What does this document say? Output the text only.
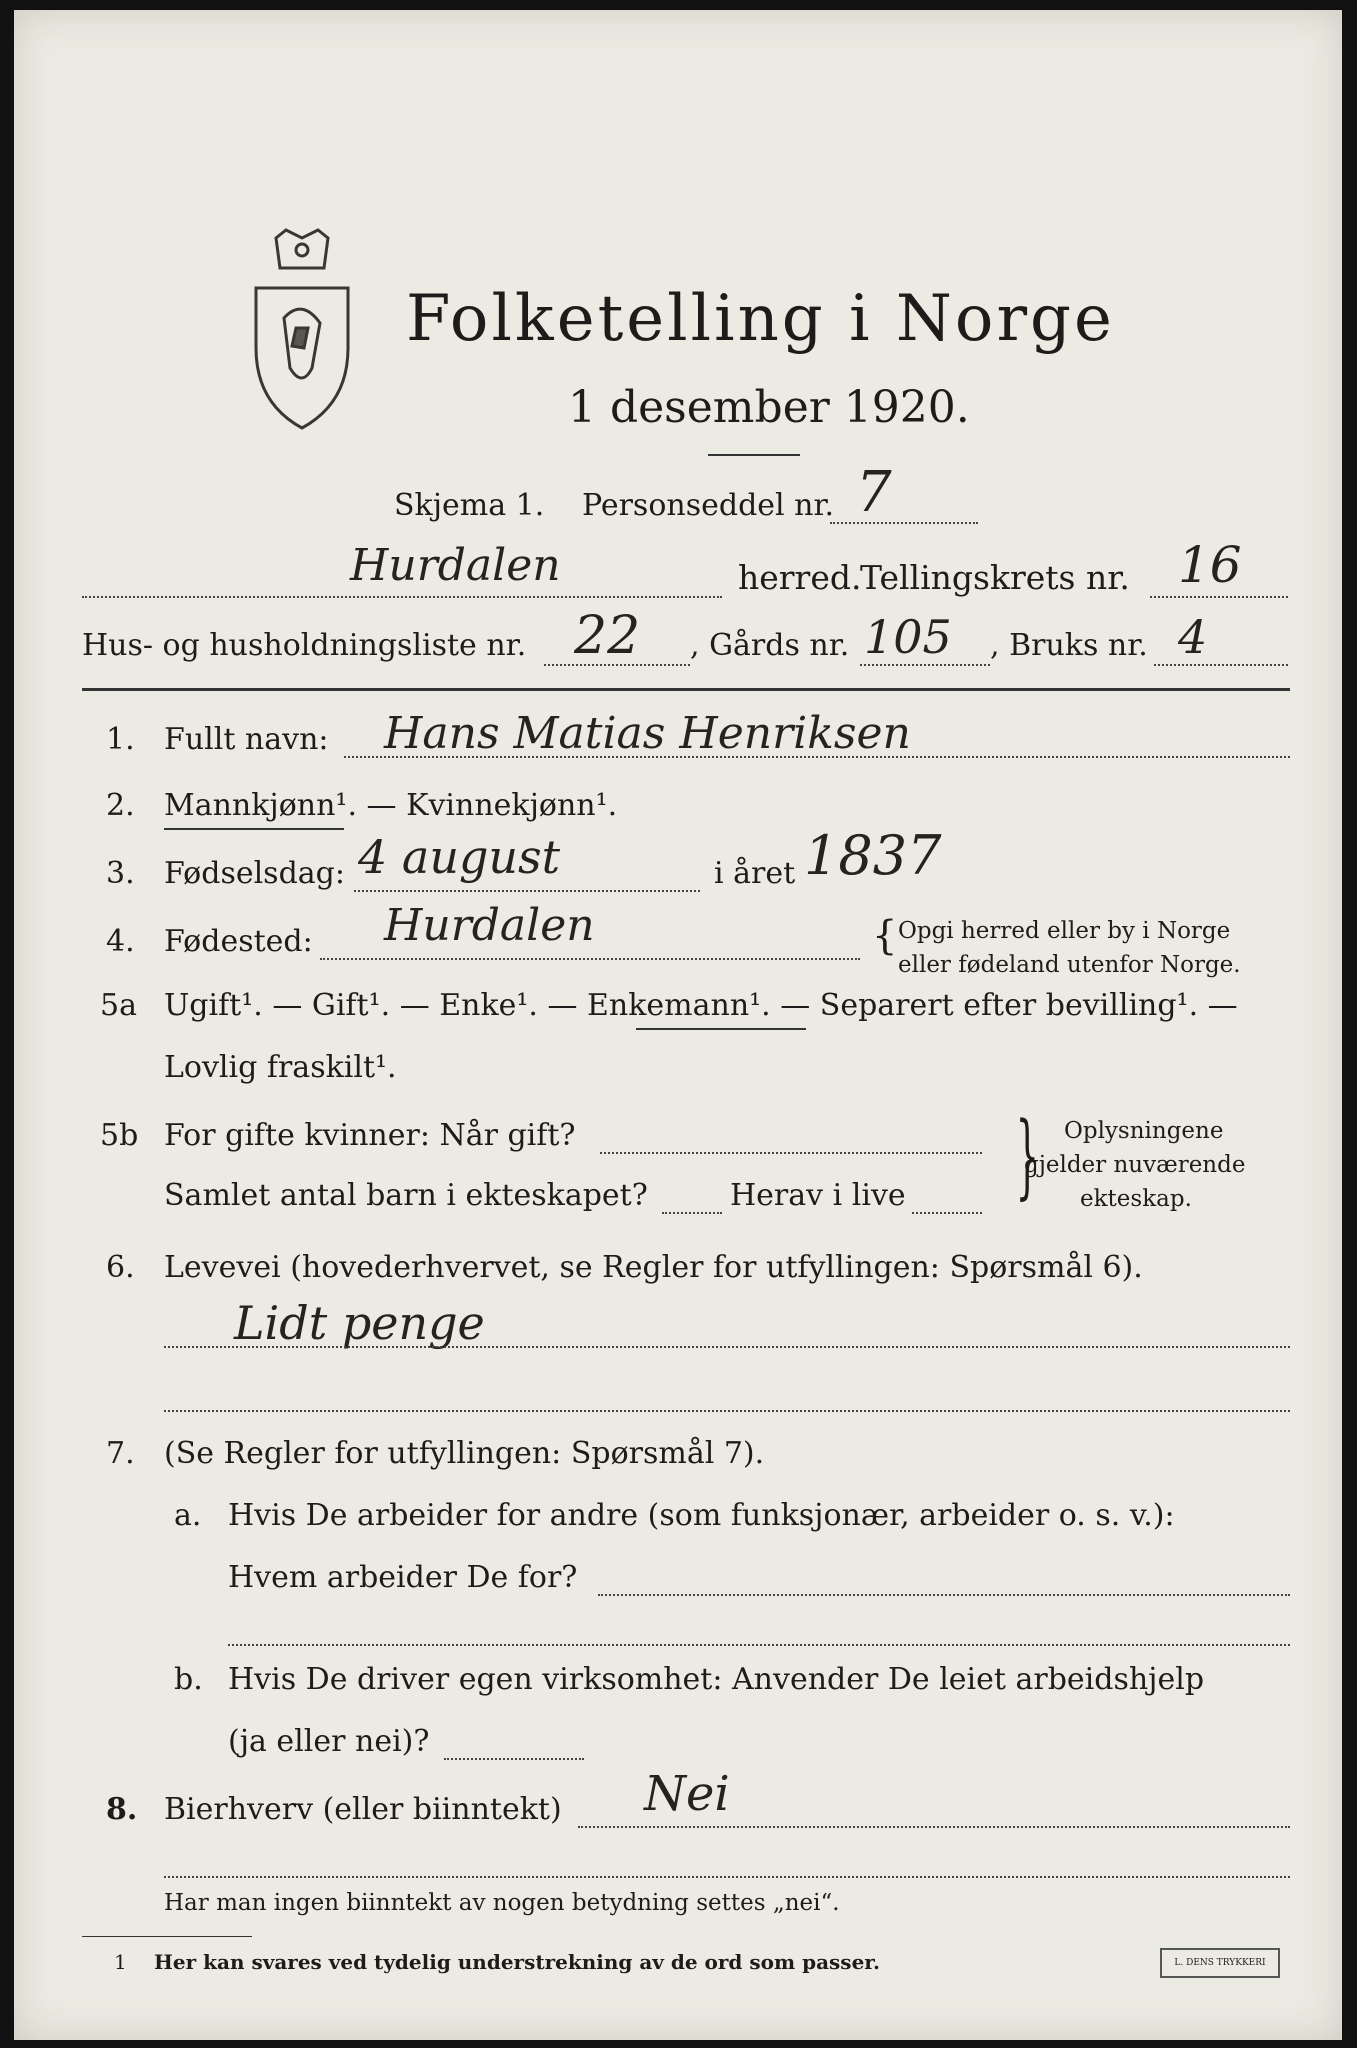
Folketelling i Norge
1 desember 1920.
Skjema 1. Personseddel nr. 7
Hurdalen	herred.
Tellingskrets nr. 16
Hus- og husholdningsliste nr. 22 , Gårds nr. 105 , Bruks nr. 4
1. Fullt navn: Hans Matias Henriksen
2. Mannkjønn¹. — Kvinnekjønn¹.
3. Fødselsdag: 4 august	i året 1837
4. Fødested: Hurdalen	{ Opgi herred eller by i Norge
eller fødeland utenfor Norge.
5a Ugift¹. — Gift¹. — Enke¹. — Enkemann¹. — Separert efter bevilling¹. —
Lovlig fraskilt¹.
5b For gifte kvinner: Når gift?
Samlet antal barn i ekteskapet?	Herav i live } Oplysningene
gjelder nuværende
ekteskap.
6. Levevei (hovederhvervet, se Regler for utfyllingen: Spørsmål 6).
Lidt penge
7. (Se Regler for utfyllingen: Spørsmål 7).
a. Hvis De arbeider for andre (som funksjonær, arbeider o. s. v.):
Hvem arbeider De for?
b. Hvis De driver egen virksomhet: Anvender De leiet arbeidshjelp
(ja eller nei)?
8. Bierhverv (eller biinntekt) Nei
Har man ingen biinntekt av nogen betydning settes „nei“.
1 Her kan svares ved tydelig understrekning av de ord som passer.	L. DENS TRYKKERI
